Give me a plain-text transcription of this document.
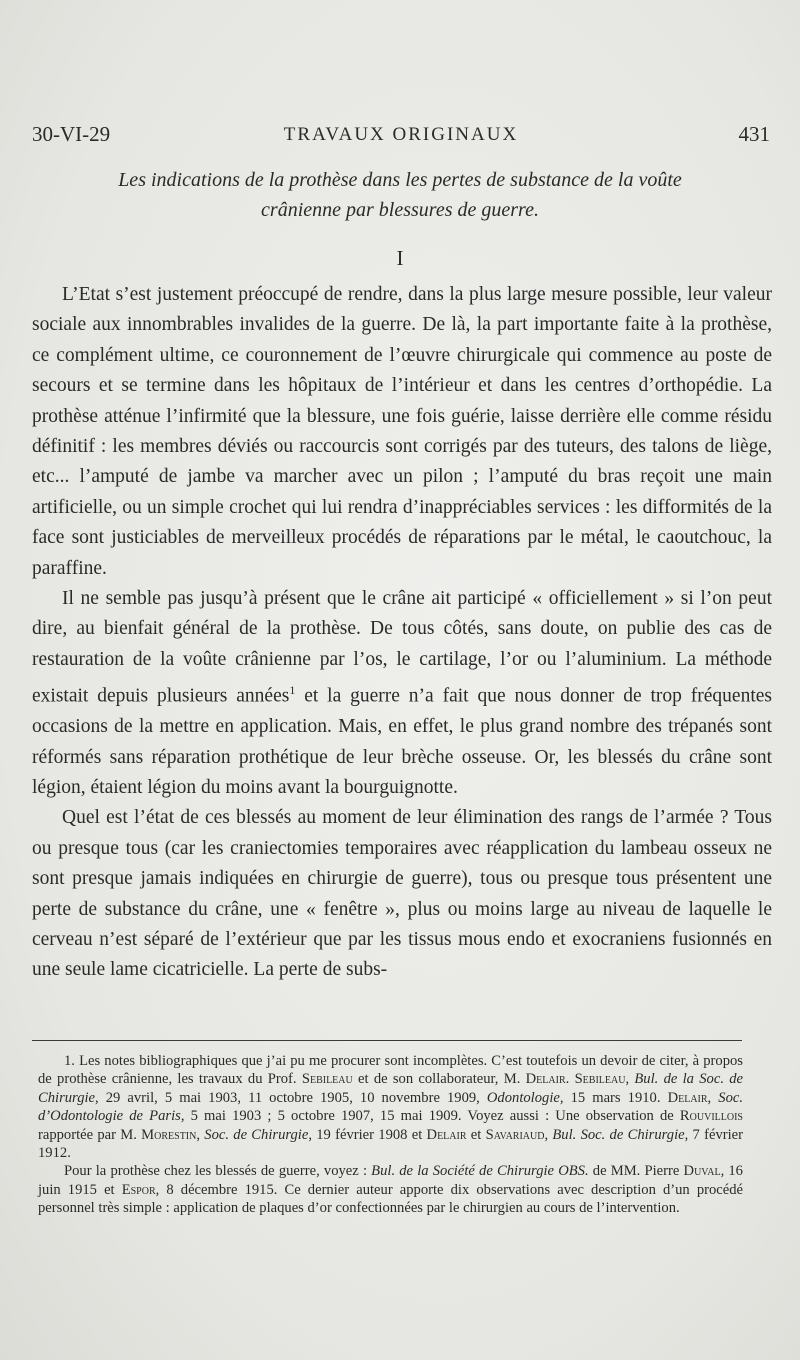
30-VI-29	TRAVAUX ORIGINAUX	431
Les indications de la prothèse dans les pertes de substance de la voûte
crânienne par blessures de guerre.
I

L’Etat s’est justement préoccupé de rendre, dans la plus large mesure possible, leur valeur sociale aux innombrables invalides de la guerre. De là, la part importante faite à la prothèse, ce complément ultime, ce couronnement de l’œuvre chirurgicale qui commence au poste de secours et se termine dans les hôpitaux de l’intérieur et dans les centres d’orthopédie. La prothèse atténue l’infirmité que la blessure, une fois guérie, laisse derrière elle comme résidu définitif : les membres déviés ou raccourcis sont corrigés par des tuteurs, des talons de liège, etc... l’amputé de jambe va marcher avec un pilon ; l’amputé du bras reçoit une main artificielle, ou un simple crochet qui lui rendra d’inappréciables services : les difformités de la face sont justiciables de merveilleux procédés de réparations par le métal, le caoutchouc, la paraffine.

Il ne semble pas jusqu’à présent que le crâne ait participé « officiellement » si l’on peut dire, au bienfait général de la prothèse. De tous côtés, sans doute, on publie des cas de restauration de la voûte crânienne par l’os, le cartilage, l’or ou l’aluminium. La méthode existait depuis plusieurs années$^1$ et la guerre n’a fait que nous donner de trop fréquentes occasions de la mettre en application. Mais, en effet, le plus grand nombre des trépanés sont réformés sans réparation prothétique de leur brèche osseuse. Or, les blessés du crâne sont légion, étaient légion du moins avant la bourguignotte.

Quel est l’état de ces blessés au moment de leur élimination des rangs de l’armée ? Tous ou presque tous (car les craniectomies temporaires avec réapplication du lambeau osseux ne sont presque jamais indiquées en chirurgie de guerre), tous ou presque tous présentent une perte de substance du crâne, une « fenêtre », plus ou moins large au niveau de laquelle le cerveau n’est séparé de l’extérieur que par les tissus mous endo et exocraniens fusionnés en une seule lame cicatricielle. La perte de subs-

1. Les notes bibliographiques que j’ai pu me procurer sont incomplètes. C’est toutefois un devoir de citer, à propos de prothèse crânienne, les travaux du Prof. Sebileau et de son collaborateur, M. Delair. Sebileau, Bul. de la Soc. de Chirurgie, 29 avril, 5 mai 1903, 11 octobre 1905, 10 novembre 1909, Odontologie, 15 mars 1910. Delair, Soc. d’Odontologie de Paris, 5 mai 1903 ; 5 octobre 1907, 15 mai 1909. Voyez aussi : Une observation de Rouvillois rapportée par M. Morestin, Soc. de Chirurgie, 19 février 1908 et Delair et Savariaud, Bul. Soc. de Chirurgie, 7 février 1912.

Pour la prothèse chez les blessés de guerre, voyez : Bul. de la Société de Chirurgie OBS. de MM. Pierre Duval, 16 juin 1915 et Espor, 8 décembre 1915. Ce dernier auteur apporte dix observations avec description d’un procédé personnel très simple : application de plaques d’or confectionnées par le chirurgien au cours de l’intervention.
